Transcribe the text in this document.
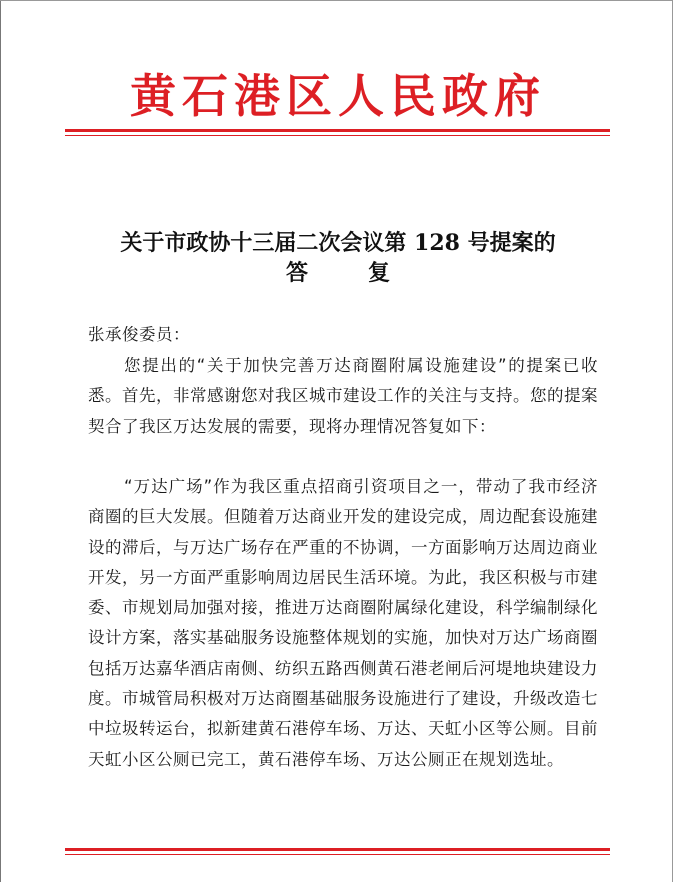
黄石港区人民政府
关于市政协十三届二次会议第 128 号提案的
答	复
张承俊委员：
您提出的“关于加快完善万达商圈附属设施建设”的提案已收悉。首先，非常感谢您对我区城市建设工作的关注与支持。您的提案契合了我区万达发展的需要，现将办理情况答复如下：
“万达广场”作为我区重点招商引资项目之一，带动了我市经济商圈的巨大发展。但随着万达商业开发的建设完成，周边配套设施建设的滞后，与万达广场存在严重的不协调，一方面影响万达周边商业开发，另一方面严重影响周边居民生活环境。为此，我区积极与市建委、市规划局加强对接，推进万达商圈附属绿化建设，科学编制绿化设计方案，落实基础服务设施整体规划的实施，加快对万达广场商圈包括万达嘉华酒店南侧、纺织五路西侧黄石港老闸后河堤地块建设力度。市城管局积极对万达商圈基础服务设施进行了建设，升级改造七中垃圾转运台，拟新建黄石港停车场、万达、天虹小区等公厕。目前天虹小区公厕已完工，黄石港停车场、万达公厕正在规划选址。
